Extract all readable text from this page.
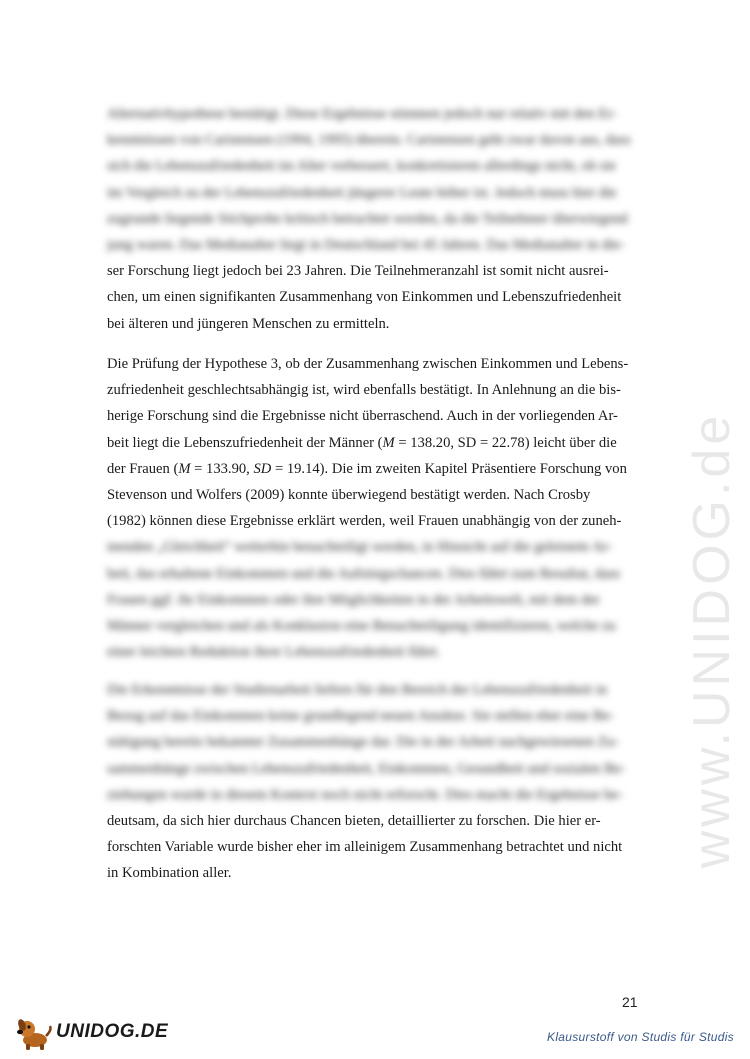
www.UNIDOG.de
Alternativhypothese bestätigt. Diese Ergebnisse stimmen jedoch nur relativ mit den Er-
kenntnissen von Caristensen (1994, 1995) überein. Caristensen geht zwar davon aus, dass
sich die Lebenszufriedenheit im Alter verbessert, konkretisieren allerdings nicht, ob sie
im Vergleich zu der Lebenszufriedenheit jüngerer Leute höher ist. Jedoch muss hier die
zugrunde liegende Stichprobe kritisch betrachtet werden, da die Teilnehmer überwiegend
jung waren. Das Medianalter liegt in Deutschland bei 45 Jahren. Das Medianalter in die-
ser Forschung liegt jedoch bei 23 Jahren. Die Teilnehmeranzahl ist somit nicht ausrei-
chen, um einen signifikanten Zusammenhang von Einkommen und Lebenszufriedenheit
bei älteren und jüngeren Menschen zu ermitteln.
Die Prüfung der Hypothese 3, ob der Zusammenhang zwischen Einkommen und Lebens-
zufriedenheit geschlechtsabhängig ist, wird ebenfalls bestätigt. In Anlehnung an die bis-
herige Forschung sind die Ergebnisse nicht überraschend. Auch in der vorliegenden Ar-
beit liegt die Lebenszufriedenheit der Männer (M = 138.20, SD = 22.78) leicht über die
der Frauen (M = 133.90, SD = 19.14). Die im zweiten Kapitel Präsentiere Forschung von
Stevenson und Wolfers (2009) konnte überwiegend bestätigt werden. Nach Crosby
(1982) können diese Ergebnisse erklärt werden, weil Frauen unabhängig von der zuneh-
menden „Gleichheit“ weiterhin benachteiligt werden, in Hinsicht auf die geleistete Ar-
beit, das erhaltene Einkommen und die Aufstiegschancen. Dies führt zum Resultat, dass
Frauen ggf. ihr Einkommen oder ihre Möglichkeiten in der Arbeitswelt, mit dem der
Männer vergleichen und als Konklusion eine Benachteiligung identifizieren, welche zu
einer leichten Reduktion ihrer Lebenszufriedenheit führt.
Die Erkenntnisse der Studienarbeit liefern für den Bereich der Lebenszufriedenheit in
Bezug auf das Einkommen keine grundlegend neuen Ansätze. Sie stellen eher eine Be-
stätigung bereits bekannter Zusammenhänge dar. Die in der Arbeit nachgewiesenen Zu-
sammenhänge zwischen Lebenszufriedenheit, Einkommen, Gesundheit und sozialen Be-
ziehungen wurde in diesem Kontext noch nicht erforscht. Dies macht die Ergebnisse be-
deutsam, da sich hier durchaus Chancen bieten, detaillierter zu forschen. Die hier er-
forschten Variable wurde bisher eher im alleinigem Zusammenhang betrachtet und nicht
in Kombination aller.
21
UNIDOG.DE	Klausurstoff von Studis für Studis
